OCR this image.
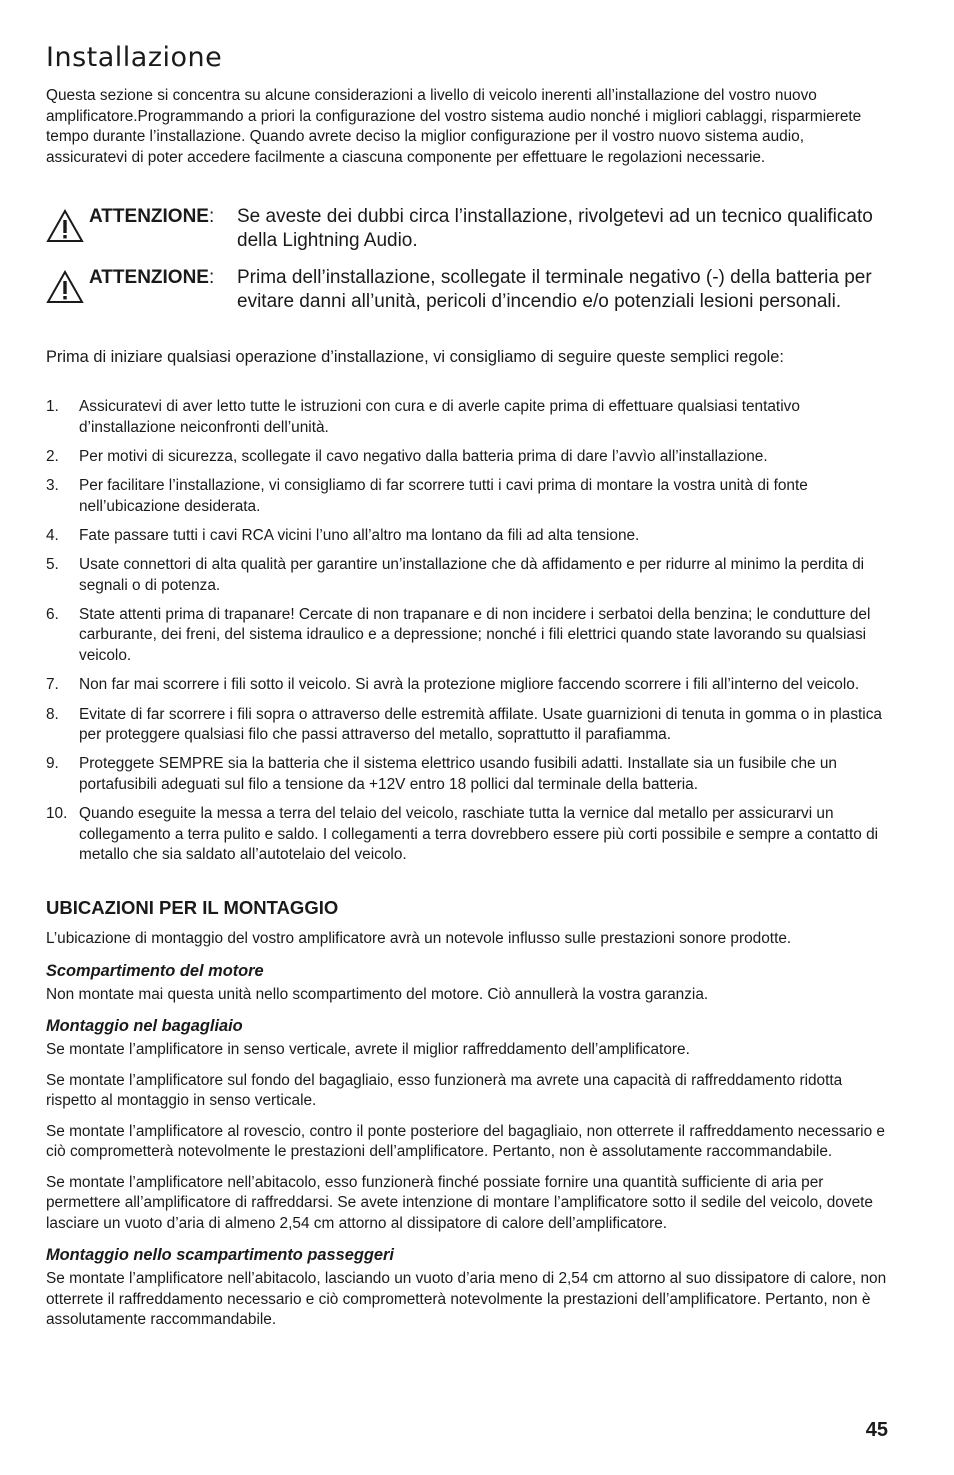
Installazione

Questa sezione si concentra su alcune considerazioni a livello di veicolo inerenti all’installazione del vostro nuovo amplificatore.Programmando a priori la configurazione del vostro sistema audio nonché i migliori cablaggi, risparmierete tempo durante l’installazione. Quando avrete deciso la miglior configurazione per il vostro nuovo sistema audio, assicuratevi di poter accedere facilmente a ciascuna componente per effettuare le regolazioni necessarie.

ATTENZIONE: Se aveste dei dubbi circa l’installazione, rivolgetevi ad un tecnico qualificato della Lightning Audio.

ATTENZIONE: Prima dell’installazione, scollegate il terminale negativo (-) della batteria per evitare danni all’unità, pericoli d’incendio e/o potenziali lesioni personali.

Prima di iniziare qualsiasi operazione d’installazione, vi consigliamo di seguire queste semplici regole:

1. Assicuratevi di aver letto tutte le istruzioni con cura e di averle capite prima di effettuare qualsiasi tentativo d’installazione neiconfronti dell’unità.
2. Per motivi di sicurezza, scollegate il cavo negativo dalla batteria prima di dare l’avvìo all’installazione.
3. Per facilitare l’installazione, vi consigliamo di far scorrere tutti i cavi prima di montare la vostra unità di fonte nell’ubicazione desiderata.
4. Fate passare tutti i cavi RCA vicini l’uno all’altro ma lontano da fili ad alta tensione.
5. Usate connettori di alta qualità per garantire un’installazione che dà affidamento e per ridurre al minimo la perdita di segnali o di potenza.
6. State attenti prima di trapanare! Cercate di non trapanare e di non incidere i serbatoi della benzina; le condutture del carburante, dei freni, del sistema idraulico e a depressione; nonché i fili elettrici quando state lavorando su qualsiasi veicolo.
7. Non far mai scorrere i fili sotto il veicolo. Si avrà la protezione migliore faccendo scorrere i fili all’interno del veicolo.
8. Evitate di far scorrere i fili sopra o attraverso delle estremità affilate. Usate guarnizioni di tenuta in gomma o in plastica per proteggere qualsiasi filo che passi attraverso del metallo, soprattutto il parafiamma.
9. Proteggete SEMPRE sia la batteria che il sistema elettrico usando fusibili adatti. Installate sia un fusibile che un portafusibili adeguati sul filo a tensione da +12V entro 18 pollici dal terminale della batteria.
10. Quando eseguite la messa a terra del telaio del veicolo, raschiate tutta la vernice dal metallo per assicurarvi un collegamento a terra pulito e saldo. I collegamenti a terra dovrebbero essere più corti possibile e sempre a contatto di metallo che sia saldato all’autotelaio del veicolo.
UBICAZIONI PER IL MONTAGGIO

L’ubicazione di montaggio del vostro amplificatore avrà un notevole influsso sulle prestazioni sonore prodotte.

Scompartimento del motore

Non montate mai questa unità nello scompartimento del motore. Ciò annullerà la vostra garanzia.

Montaggio nel bagagliaio

Se montate l’amplificatore in senso verticale, avrete il miglior raffreddamento dell’amplificatore.

Se montate l’amplificatore sul fondo del bagagliaio, esso funzionerà ma avrete una capacità di raffreddamento ridotta rispetto al montaggio in senso verticale.

Se montate l’amplificatore al rovescio, contro il ponte posteriore del bagagliaio, non otterrete il raffreddamento necessario e ciò comprometterà notevolmente le prestazioni dell’amplificatore. Pertanto, non è assolutamente raccommandabile.

Se montate l’amplificatore nell’abitacolo, esso funzionerà finché possiate fornire una quantità sufficiente di aria per permettere all’amplificatore di raffreddarsi. Se avete intenzione di montare l’amplificatore sotto il sedile del veicolo, dovete lasciare un vuoto d’aria di almeno 2,54 cm attorno al dissipatore di calore dell’amplificatore.

Montaggio nello scampartimento passeggeri

Se montate l’amplificatore nell’abitacolo, lasciando un vuoto d’aria meno di 2,54 cm attorno al suo dissipatore di calore, non otterrete il raffreddamento necessario e ciò comprometterà notevolmente la prestazioni dell’amplificatore. Pertanto, non è assolutamente raccommandabile.

45
